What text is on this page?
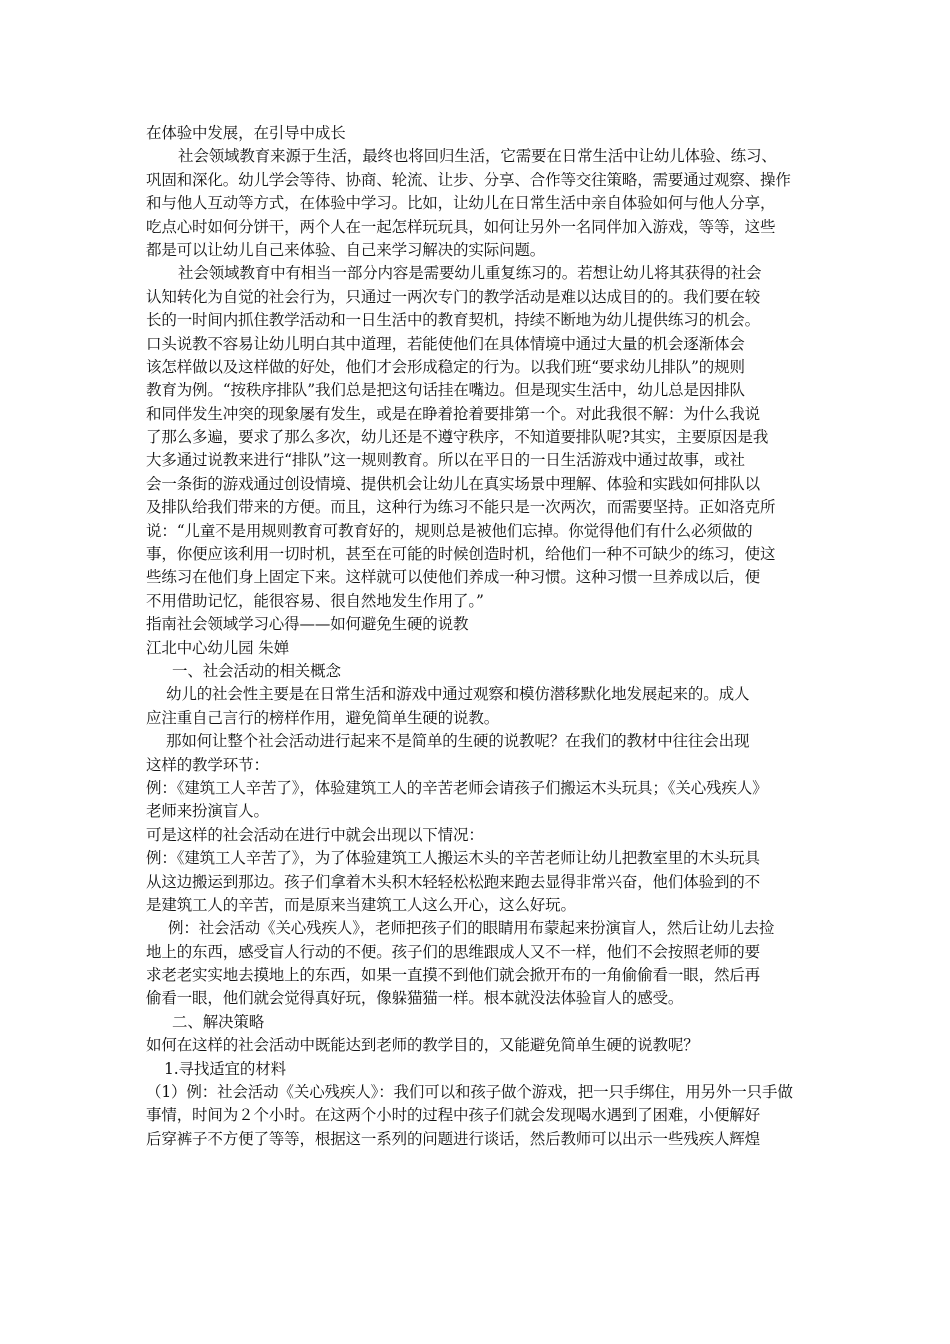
在体验中发展，在引导中成长
社会领域教育来源于生活，最终也将回归生活，它需要在日常生活中让幼儿体验、练习、
巩固和深化。幼儿学会等待、协商、轮流、让步、分享、合作等交往策略，需要通过观察、操作
和与他人互动等方式，在体验中学习。比如，让幼儿在日常生活中亲自体验如何与他人分享，
吃点心时如何分饼干，两个人在一起怎样玩玩具，如何让另外一名同伴加入游戏，等等，这些
都是可以让幼儿自己来体验、自己来学习解决的实际问题。
社会领域教育中有相当一部分内容是需要幼儿重复练习的。若想让幼儿将其获得的社会
认知转化为自觉的社会行为，只通过一两次专门的教学活动是难以达成目的的。我们要在较
长的一时间内抓住教学活动和一日生活中的教育契机，持续不断地为幼儿提供练习的机会。
口头说教不容易让幼儿明白其中道理，若能使他们在具体情境中通过大量的机会逐渐体会
该怎样做以及这样做的好处，他们才会形成稳定的行为。以我们班“要求幼儿排队”的规则
教育为例。“按秩序排队”我们总是把这句话挂在嘴边。但是现实生活中，幼儿总是因排队
和同伴发生冲突的现象屡有发生，或是在睁着抢着要排第一个。对此我很不解：为什么我说
了那么多遍，要求了那么多次，幼儿还是不遵守秩序，不知道要排队呢?其实，主要原因是我
大多通过说教来进行“排队”这一规则教育。所以在平日的一日生活游戏中通过故事，或社
会一条街的游戏通过创设情境、提供机会让幼儿在真实场景中理解、体验和实践如何排队以
及排队给我们带来的方便。而且，这种行为练习不能只是一次两次，而需要坚持。正如洛克所
说：“儿童不是用规则教育可教育好的，规则总是被他们忘掉。你觉得他们有什么必须做的
事，你便应该利用一切时机，甚至在可能的时候创造时机，给他们一种不可缺少的练习，使这
些练习在他们身上固定下来。这样就可以使他们养成一种习惯。这种习惯一旦养成以后，便
不用借助记忆，能很容易、很自然地发生作用了。”
指南社会领域学习心得——如何避免生硬的说教
江北中心幼儿园 朱婵
一、社会活动的相关概念
幼儿的社会性主要是在日常生活和游戏中通过观察和模仿潜移默化地发展起来的。成人
应注重自己言行的榜样作用，避免简单生硬的说教。
那如何让整个社会活动进行起来不是简单的生硬的说教呢？在我们的教材中往往会出现
这样的教学环节：
例：《建筑工人辛苦了》，体验建筑工人的辛苦老师会请孩子们搬运木头玩具；《关心残疾人》
老师来扮演盲人。
可是这样的社会活动在进行中就会出现以下情况：
例：《建筑工人辛苦了》，为了体验建筑工人搬运木头的辛苦老师让幼儿把教室里的木头玩具
从这边搬运到那边。孩子们拿着木头积木轻轻松松跑来跑去显得非常兴奋，他们体验到的不
是建筑工人的辛苦，而是原来当建筑工人这么开心，这么好玩。
例：社会活动《关心残疾人》，老师把孩子们的眼睛用布蒙起来扮演盲人，然后让幼儿去捡
地上的东西，感受盲人行动的不便。孩子们的思维跟成人又不一样，他们不会按照老师的要
求老老实实地去摸地上的东西，如果一直摸不到他们就会掀开布的一角偷偷看一眼，然后再
偷看一眼，他们就会觉得真好玩，像躲猫猫一样。根本就没法体验盲人的感受。
二、解决策略
如何在这样的社会活动中既能达到老师的教学目的，又能避免简单生硬的说教呢？
1.寻找适宜的材料
（1）例：社会活动《关心残疾人》：我们可以和孩子做个游戏，把一只手绑住，用另外一只手做
事情，时间为２个小时。在这两个小时的过程中孩子们就会发现喝水遇到了困难，小便解好
后穿裤子不方便了等等，根据这一系列的问题进行谈话，然后教师可以出示一些残疾人辉煌
